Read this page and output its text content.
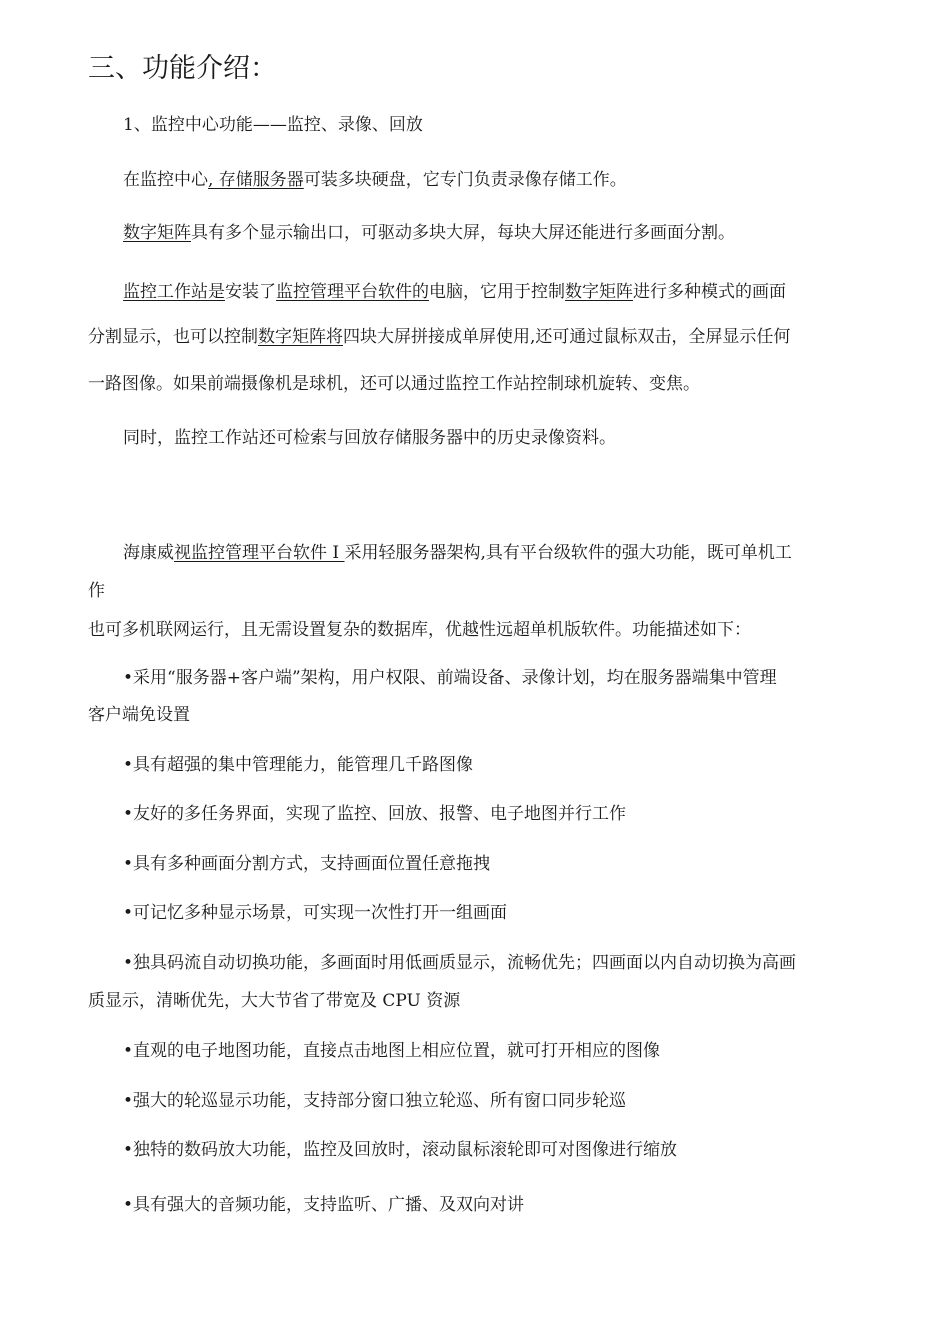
三、功能介绍：
1、监控中心功能——监控、录像、回放
在监控中心, 存储服务器可装多块硬盘，它专门负责录像存储工作。
数字矩阵具有多个显示输出口，可驱动多块大屏，每块大屏还能进行多画面分割。
监控工作站是安装了监控管理平台软件的电脑，它用于控制数字矩阵进行多种模式的画面
分割显示，也可以控制数字矩阵将四块大屏拼接成单屏使用,还可通过鼠标双击，全屏显示任何
一路图像。如果前端摄像机是球机，还可以通过监控工作站控制球机旋转、变焦。
同时，监控工作站还可检索与回放存储服务器中的历史录像资料。
海康威视监控管理平台软件 I 采用轻服务器架构,具有平台级软件的强大功能，既可单机工
作
也可多机联网运行，且无需设置复杂的数据库，优越性远超单机版软件。功能描述如下：
•采用“服务器+客户端”架构，用户权限、前端设备、录像计划，均在服务器端集中管理
客户端免设置
•具有超强的集中管理能力，能管理几千路图像
•友好的多任务界面，实现了监控、回放、报警、电子地图并行工作
•具有多种画面分割方式，支持画面位置任意拖拽
•可记忆多种显示场景，可实现一次性打开一组画面
•独具码流自动切换功能，多画面时用低画质显示，流畅优先；四画面以内自动切换为高画
质显示，清晰优先，大大节省了带宽及 CPU 资源
•直观的电子地图功能，直接点击地图上相应位置，就可打开相应的图像
•强大的轮巡显示功能，支持部分窗口独立轮巡、所有窗口同步轮巡
•独特的数码放大功能，监控及回放时，滚动鼠标滚轮即可对图像进行缩放
•具有强大的音频功能，支持监听、广播、及双向对讲
